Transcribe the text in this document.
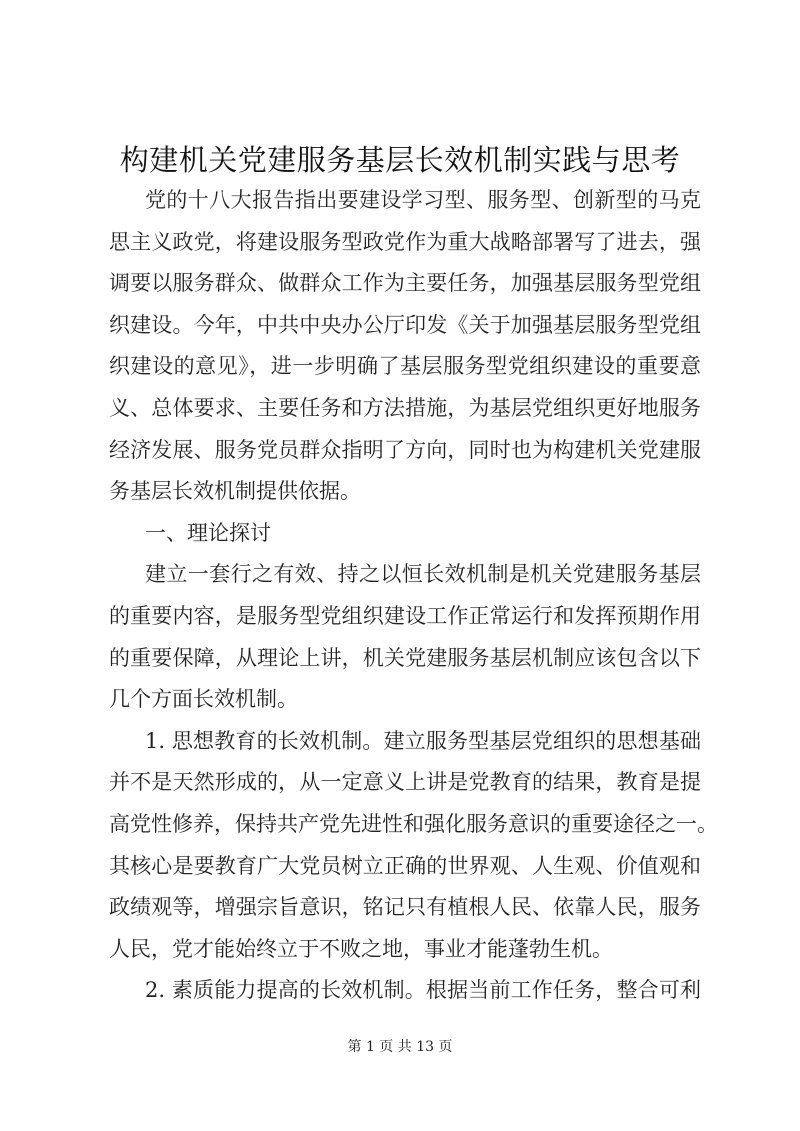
构建机关党建服务基层长效机制实践与思考
党的十八大报告指出要建设学习型、服务型、创新型的马克
思主义政党，将建设服务型政党作为重大战略部署写了进去，强
调要以服务群众、做群众工作为主要任务，加强基层服务型党组
织建设。今年，中共中央办公厅印发《关于加强基层服务型党组
织建设的意见》，进一步明确了基层服务型党组织建设的重要意
义、总体要求、主要任务和方法措施，为基层党组织更好地服务
经济发展、服务党员群众指明了方向，同时也为构建机关党建服
务基层长效机制提供依据。
一、理论探讨
建立一套行之有效、持之以恒长效机制是机关党建服务基层
的重要内容，是服务型党组织建设工作正常运行和发挥预期作用
的重要保障，从理论上讲，机关党建服务基层机制应该包含以下
几个方面长效机制。
1. 思想教育的长效机制。建立服务型基层党组织的思想基础
并不是天然形成的，从一定意义上讲是党教育的结果，教育是提
高党性修养，保持共产党先进性和强化服务意识的重要途径之一。
其核心是要教育广大党员树立正确的世界观、人生观、价值观和
政绩观等，增强宗旨意识，铭记只有植根人民、依靠人民，服务
人民，党才能始终立于不败之地，事业才能蓬勃生机。
2. 素质能力提高的长效机制。根据当前工作任务，整合可利
第 1 页 共 13 页
